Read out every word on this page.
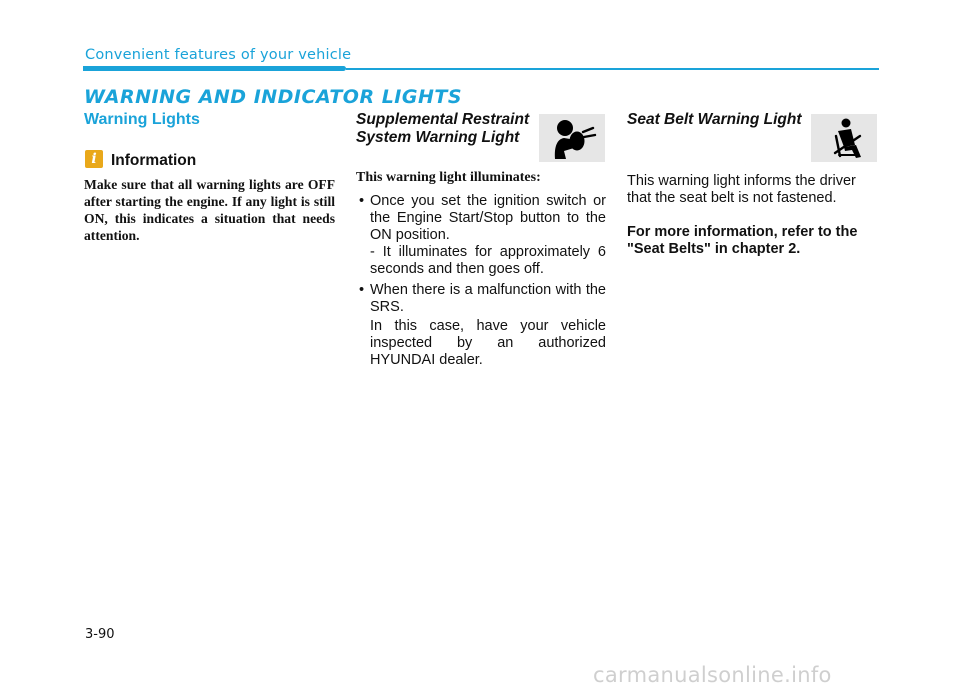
Convenient features of your vehicle
WARNING AND INDICATOR LIGHTS
Warning Lights
i Information
Make sure that all warning lights are OFF after starting the engine. If any light is still ON, this indicates a situation that needs attention.
Supplemental Restraint
System Warning Light
This warning light illuminates:
• Once you set the ignition switch or the Engine Start/Stop button to the ON position.
- It illuminates for approximately 6 seconds and then goes off.
• When there is a malfunction with the SRS.
In this case, have your vehicle inspected by an authorized HYUNDAI dealer.
Seat Belt Warning Light
This warning light informs the driver that the seat belt is not fastened.
For more information, refer to the "Seat Belts" in chapter 2.
3-90
carmanualsonline.info
